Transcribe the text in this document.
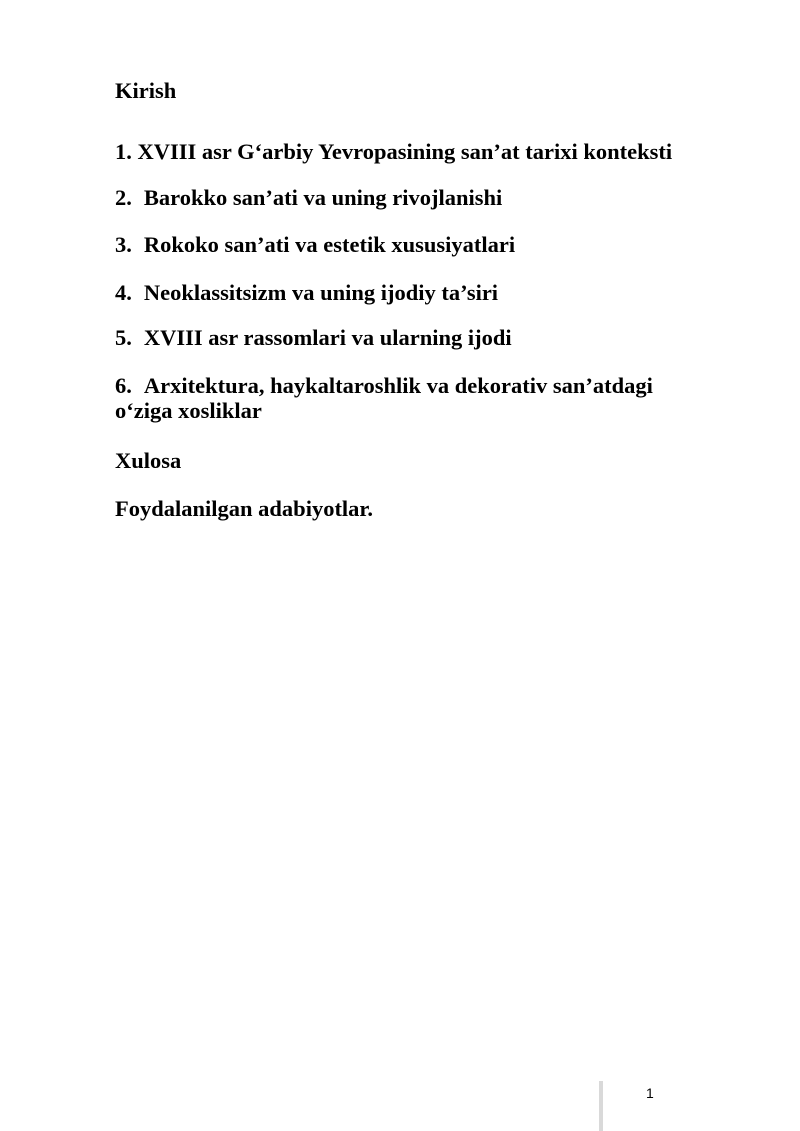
Kirish

1. XVIII asr G‘arbiy Yevropasining san’at tarixi konteksti

2. Barokko san’ati va uning rivojlanishi

3. Rokoko san’ati va estetik xususiyatlari

4. Neoklassitsizm va uning ijodiy ta’siri

5. XVIII asr rassomlari va ularning ijodi

6. Arxitektura, haykaltaroshlik va dekorativ san’atdagi o‘ziga xosliklar

Xulosa

Foydalanilgan adabiyotlar.

1
